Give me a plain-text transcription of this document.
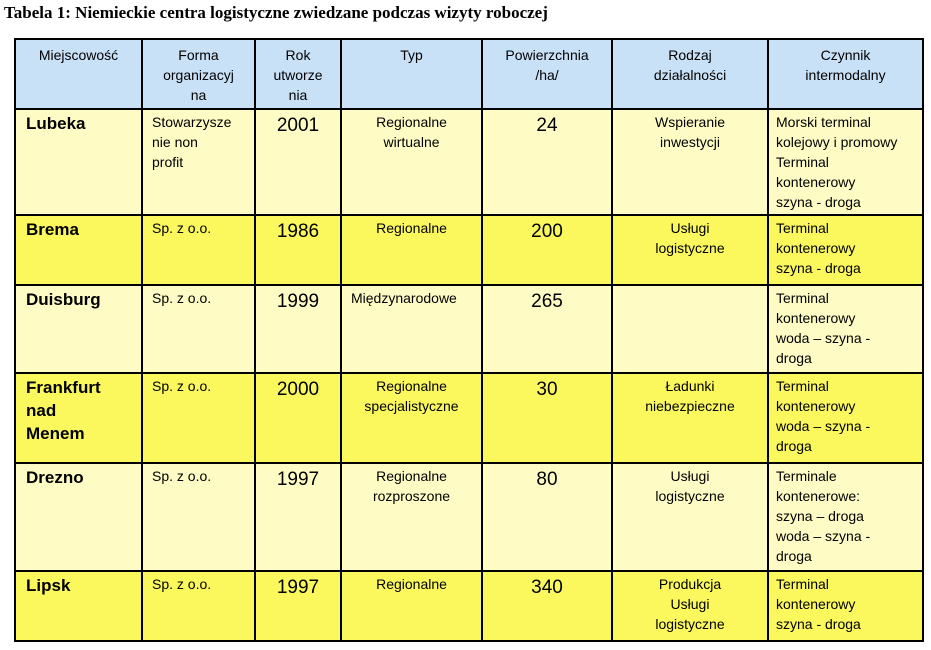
Tabela 1: Niemieckie centra logistyczne zwiedzane podczas wizyty roboczej
Miejscowość	Forma
organizacyj
na	Rok
utworze
nia	Typ	Powierzchnia
/ha/	Rodzaj
działalności	Czynnik
intermodalny

Lubeka	Stowarzysze
nie non
profit	2001	Regionalne
wirtualne	24	Wspieranie
inwestycji	Morski terminal
kolejowy i promowy
Terminal
kontenerowy
szyna - droga

Brema	Sp. z o.o.	1986	Regionalne	200	Usługi
logistyczne	Terminal
kontenerowy
szyna - droga

Duisburg	Sp. z o.o.	1999	Międzynarodowe	265		Terminal
kontenerowy
woda – szyna -
droga

Frankfurt
nad
Menem	Sp. z o.o.	2000	Regionalne
specjalistyczne	30	Ładunki
niebezpieczne	Terminal
kontenerowy
woda – szyna -
droga

Drezno	Sp. z o.o.	1997	Regionalne
rozproszone	80	Usługi
logistyczne	Terminale
kontenerowe:
szyna – droga
woda – szyna -
droga

Lipsk	Sp. z o.o.	1997	Regionalne	340	Produkcja
Usługi
logistyczne	Terminal
kontenerowy
szyna - droga
